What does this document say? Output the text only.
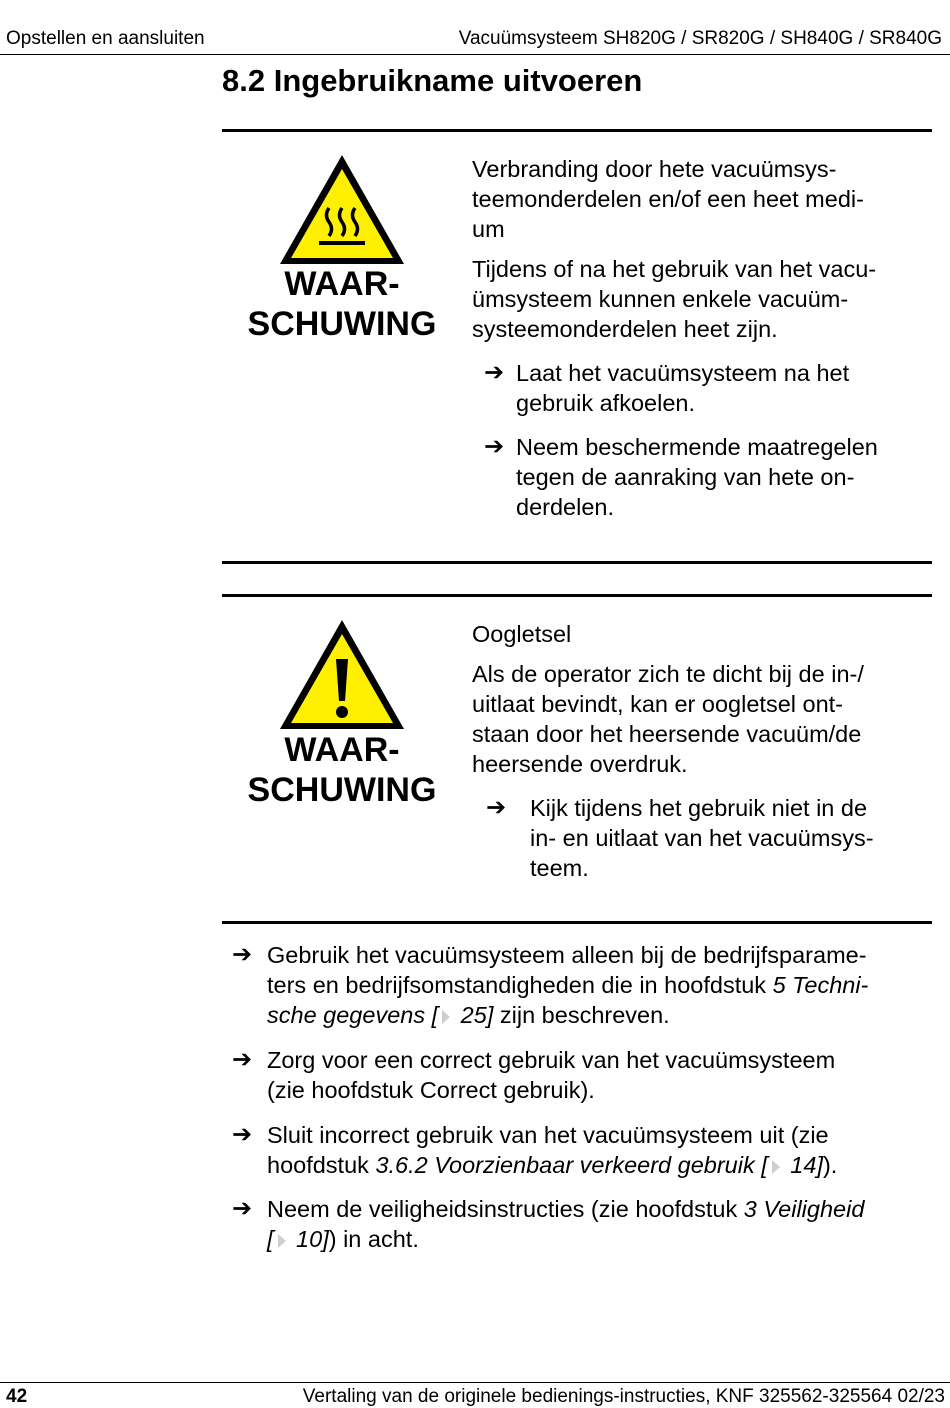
Opstellen en aansluiten	Vacuümsysteem SH820G / SR820G / SH840G / SR840G
8.2 Ingebruikname uitvoeren
WAAR-
SCHUWING
Verbranding door hete vacuümsys-
teemonderdelen en/of een heet medi-
um
Tijdens of na het gebruik van het vacu-
ümsysteem kunnen enkele vacuüm-
systeemonderdelen heet zijn.
➔ Laat het vacuümsysteem na het
gebruik afkoelen.
➔ Neem beschermende maatregelen
tegen de aanraking van hete on-
derdelen.
WAAR-
SCHUWING
Oogletsel
Als de operator zich te dicht bij de in-/
uitlaat bevindt, kan er oogletsel ont-
staan door het heersende vacuüm/de
heersende overdruk.
➔ Kijk tijdens het gebruik niet in de
in- en uitlaat van het vacuümsys-
teem.
➔ Gebruik het vacuümsysteem alleen bij de bedrijfsparame-
ters en bedrijfsomstandigheden die in hoofdstuk 5 Techni-
sche gegevens [ 25] zijn beschreven.
➔ Zorg voor een correct gebruik van het vacuümsysteem
(zie hoofdstuk Correct gebruik).
➔ Sluit incorrect gebruik van het vacuümsysteem uit (zie
hoofdstuk 3.6.2 Voorzienbaar verkeerd gebruik [ 14]).
➔ Neem de veiligheidsinstructies (zie hoofdstuk 3 Veiligheid
[ 10]) in acht.
42	Vertaling van de originele bedienings-instructies, KNF 325562-325564 02/23
